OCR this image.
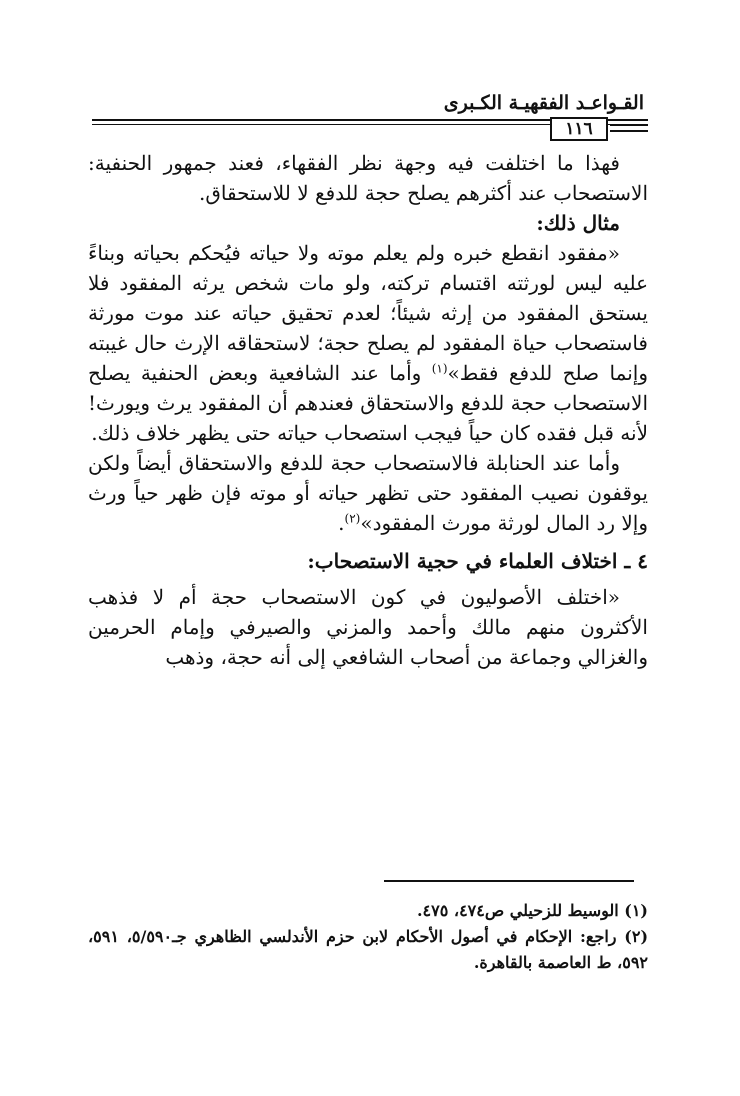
القـواعـد الفقهيـة الكـبرى
١١٦

فهذا ما اختلفت فيه وجهة نظر الفقهاء، فعند جمهور الحنفية: الاستصحاب عند أكثرهم يصلح حجة للدفع لا للاستحقاق.

مثال ذلك:

«مفقود انقطع خبره ولم يعلم موته ولا حياته فيُحكم بحياته وبناءً عليه ليس لورثته اقتسام تركته، ولو مات شخص يرثه المفقود فلا يستحق المفقود من إرثه شيئاً؛ لعدم تحقيق حياته عند موت مورثة فاستصحاب حياة المفقود لم يصلح حجة؛ لاستحقاقه الإرث حال غيبته وإنما صلح للدفع فقط»$^{(١)}$ وأما عند الشافعية وبعض الحنفية يصلح الاستصحاب حجة للدفع والاستحقاق فعندهم أن المفقود يرث ويورث! لأنه قبل فقده كان حياً فيجب استصحاب حياته حتى يظهر خلاف ذلك.

وأما عند الحنابلة فالاستصحاب حجة للدفع والاستحقاق أيضاً ولكن يوقفون نصيب المفقود حتى تظهر حياته أو موته فإن ظهر حياً ورث وإلا رد المال لورثة مورث المفقود»$^{(٢)}$.

٤ ـ اختلاف العلماء في حجية الاستصحاب:

«اختلف الأصوليون في كون الاستصحاب حجة أم لا فذهب الأكثرون منهم مالك وأحمد والمزني والصيرفي وإمام الحرمين والغزالي وجماعة من أصحاب الشافعي إلى أنه حجة، وذهب

(١) الوسيط للزحيلي ص٤٧٤، ٤٧٥.

(٢) راجع: الإحكام في أصول الأحكام لابن حزم الأندلسي الظاهري جـ٥/٥٩٠، ٥٩١، ٥٩٢، ط العاصمة بالقاهرة.
